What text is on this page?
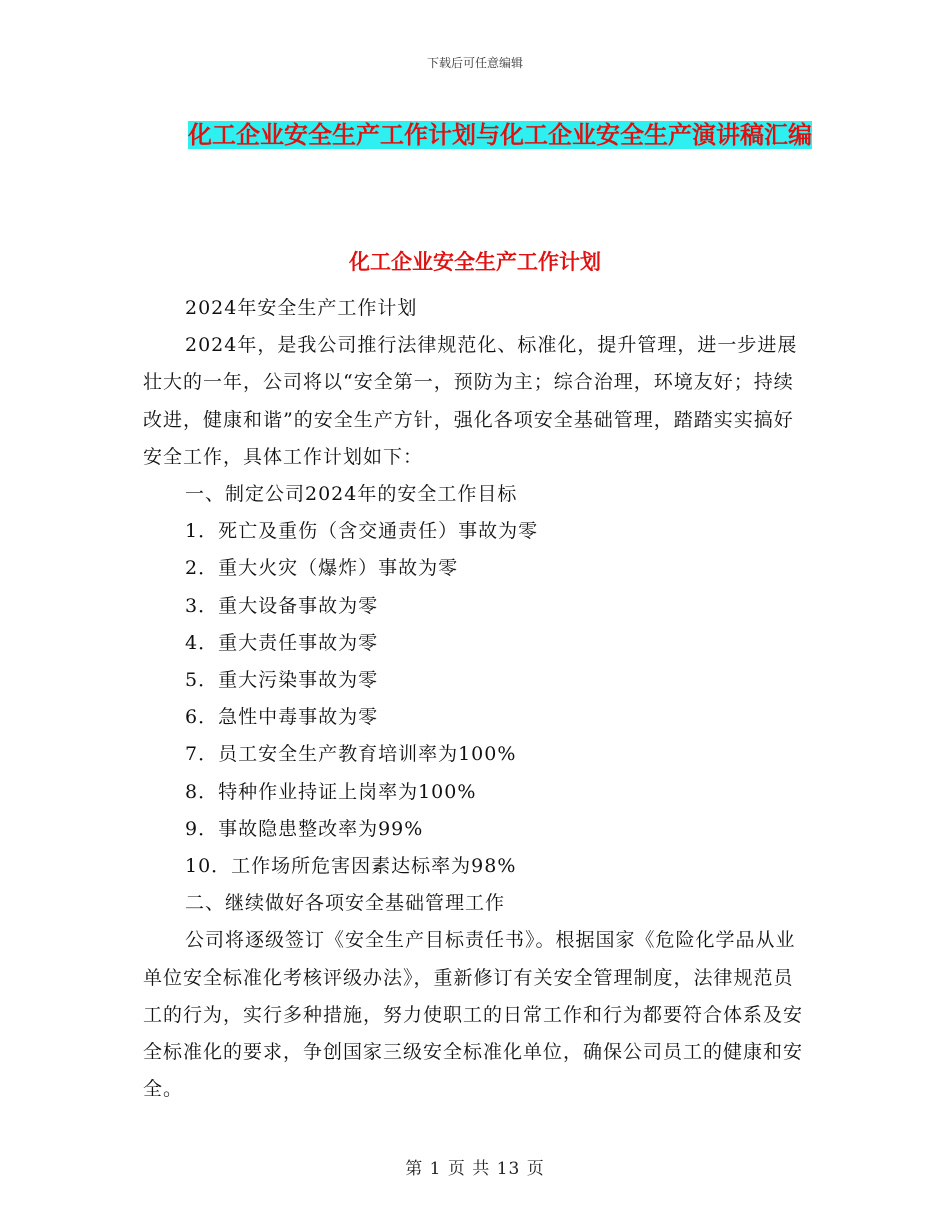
下载后可任意编辑
化工企业安全生产工作计划与化工企业安全生产演讲稿汇编
化工企业安全生产工作计划

2024年安全生产工作计划

2024年，是我公司推行法律规范化、标准化，提升管理，进一步进展壮大的一年，公司将以“安全第一，预防为主；综合治理，环境友好；持续改进，健康和谐”的安全生产方针，强化各项安全基础管理，踏踏实实搞好安全工作，具体工作计划如下：

一、制定公司2024年的安全工作目标

1．死亡及重伤（含交通责任）事故为零

2．重大火灾（爆炸）事故为零

3．重大设备事故为零

4．重大责任事故为零

5．重大污染事故为零

6．急性中毒事故为零

7．员工安全生产教育培训率为100%

8．特种作业持证上岗率为100%

9．事故隐患整改率为99%

10．工作场所危害因素达标率为98%

二、继续做好各项安全基础管理工作

公司将逐级签订《安全生产目标责任书》。根据国家《危险化学品从业单位安全标准化考核评级办法》，重新修订有关安全管理制度，法律规范员工的行为，实行多种措施，努力使职工的日常工作和行为都要符合体系及安全标准化的要求，争创国家三级安全标准化单位，确保公司员工的健康和安全。

第 1 页 共 13 页
